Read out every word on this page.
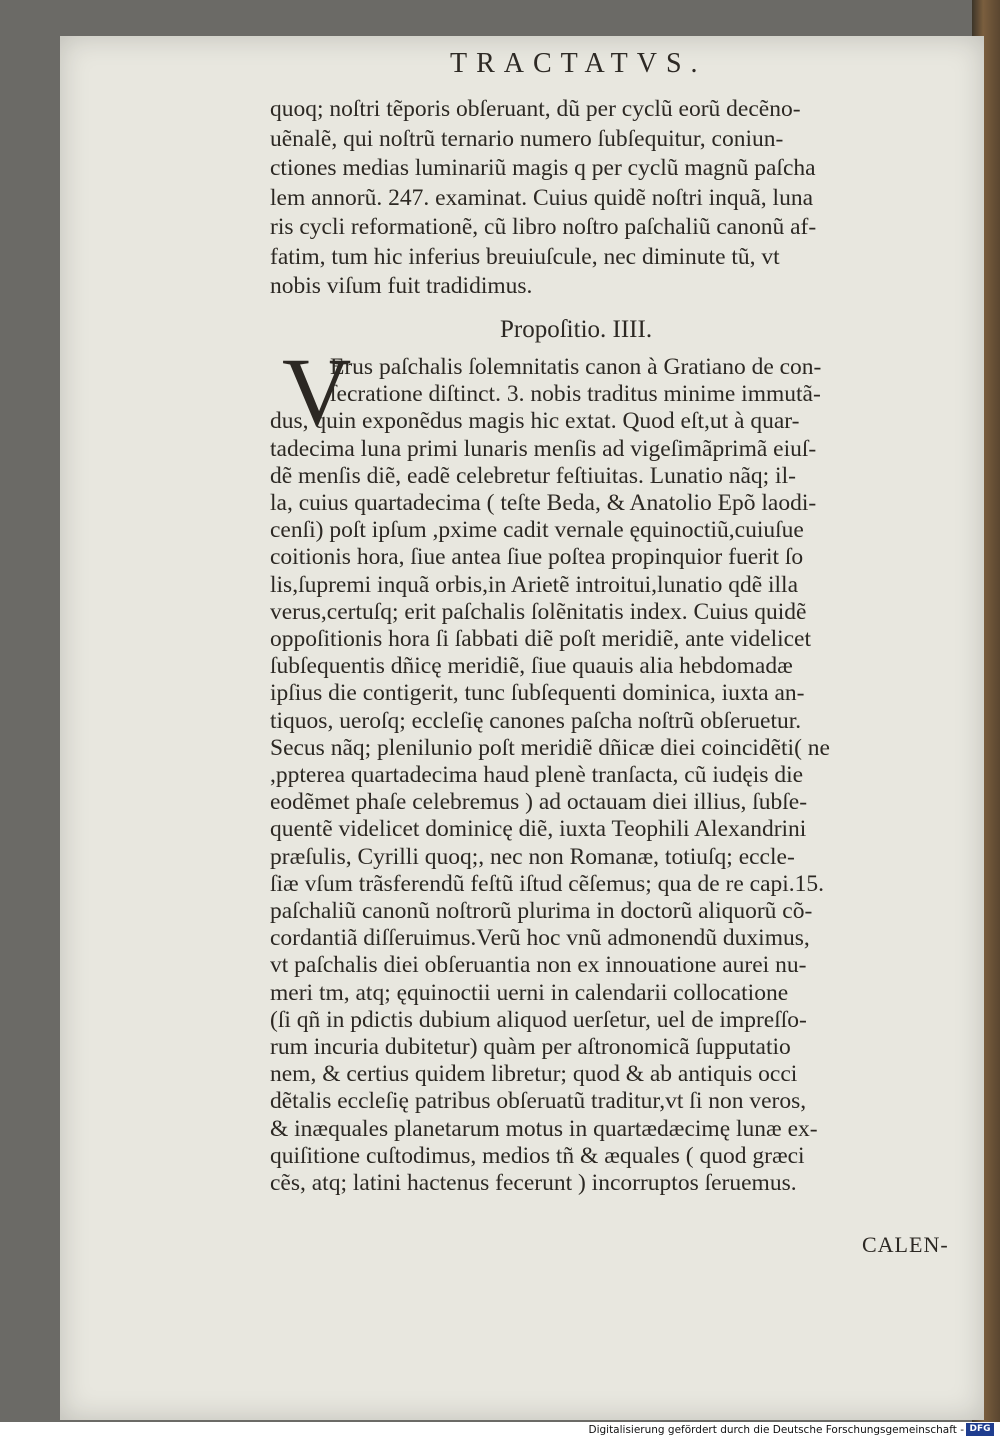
TRACTATVS.
Propoſitio. IIII.
V
CALEN-
quoq; noſtri tẽporis obſeruant, dũ per cyclũ eorũ decẽno-
uẽnalẽ, qui noſtrũ ternario numero ſubſequitur, coniun-
ctiones medias luminariũ magis q per cyclũ magnũ paſcha
lem annorũ. 247. examinat. Cuius quidẽ noſtri inquã, luna
ris cycli reformationẽ, cũ libro noſtro paſchaliũ canonũ af-
fatim, tum hic inferius breuiuſcule, nec diminute tũ, vt
nobis viſum fuit tradidimus.
Erus paſchalis ſolemnitatis canon à Gratiano de con-
ſecratione diſtinct. 3. nobis traditus minime immutã-
dus, quin exponẽdus magis hic extat. Quod eſt,ut à quar-
tadecima luna primi lunaris menſis ad vigeſimãprimã eiuſ-
dẽ menſis diẽ, eadẽ celebretur feſtiuitas. Lunatio nãq; il-
la, cuius quartadecima ( teſte Beda, & Anatolio Epõ laodi-
cenſi) poſt ipſum ,pxime cadit vernale ęquinoctiũ,cuiuſue
coitionis hora, ſiue antea ſiue poſtea propinquior fuerit ſo
lis,ſupremi inquã orbis,in Arietẽ introitui,lunatio qdẽ illa
verus,certuſq; erit paſchalis ſolẽnitatis index. Cuius quidẽ
oppoſitionis hora ſi ſabbati diẽ poſt meridiẽ, ante videlicet
ſubſequentis dñicę meridiẽ, ſiue quauis alia hebdomadæ
ipſius die contigerit, tunc ſubſequenti dominica, iuxta an-
tiquos, ueroſq; eccleſię canones paſcha noſtrũ obſeruetur.
Secus nãq; plenilunio poſt meridiẽ dñicæ diei coincidẽti( ne
,ppterea quartadecima haud plenè tranſacta, cũ iudęis die
eodẽmet phaſe celebremus ) ad octauam diei illius, ſubſe-
quentẽ videlicet dominicę diẽ, iuxta Teophili Alexandrini
præſulis, Cyrilli quoq;, nec non Romanæ, totiuſq; eccle-
ſiæ vſum trãsferendũ feſtũ iſtud cẽſemus; qua de re capi.15.
paſchaliũ canonũ noſtrorũ plurima in doctorũ aliquorũ cõ-
cordantiã diſſeruimus.Verũ hoc vnũ admonendũ duximus,
vt paſchalis diei obſeruantia non ex innouatione aurei nu-
meri tm, atq; ęquinoctii uerni in calendarii collocatione
(ſi qñ in pdictis dubium aliquod uerſetur, uel de impreſſo-
rum incuria dubitetur) quàm per aſtronomicã ſupputatio
nem, & certius quidem libretur; quod & ab antiquis occi
dẽtalis eccleſię patribus obſeruatũ traditur,vt ſi non veros,
& inæquales planetarum motus in quartædæcimę lunæ ex-
quiſitione cuſtodimus, medios tñ & æquales ( quod græci
cẽs, atq; latini hactenus fecerunt ) incorruptos ſeruemus.
Digitalisierung gefördert durch die Deutsche Forschungsgemeinschaft - DFG
